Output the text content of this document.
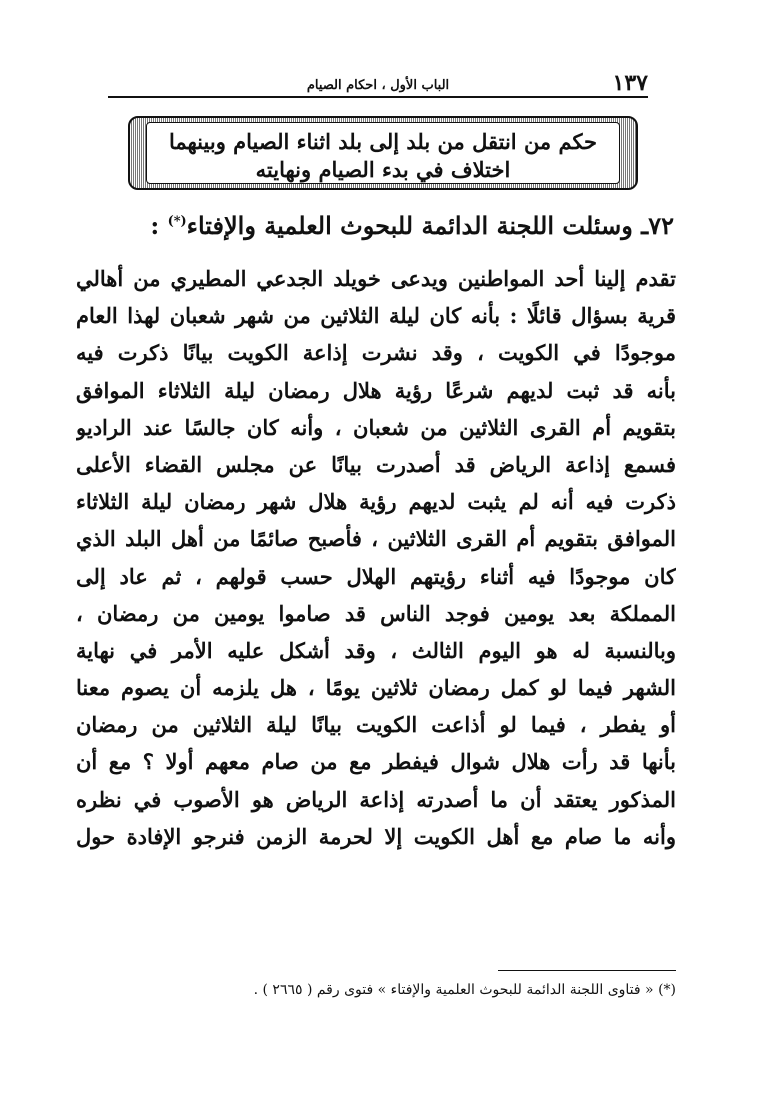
١٣٧
الباب الأول ، احكام الصيام
حكم من انتقل من بلد إلى بلد اثناء الصيام وبينهما
اختلاف في بدء الصيام ونهايته
٧٢ـ وسئلت اللجنة الدائمة للبحوث العلمية والإفتاء(*) :
تقدم إلينا أحد المواطنين ويدعى خويلد الجدعي المطيري من أهالي
قرية بسؤال قائلًا : بأنه كان ليلة الثلاثين من شهر شعبان لهذا العام
موجودًا في الكويت ، وقد نشرت إذاعة الكويت بيانًا ذكرت فيه
بأنه قد ثبت لديهم شرعًا رؤية هلال رمضان ليلة الثلاثاء الموافق
بتقويم أم القرى الثلاثين من شعبان ، وأنه كان جالسًا عند الراديو
فسمع إذاعة الرياض قد أصدرت بيانًا عن مجلس القضاء الأعلى
ذكرت فيه أنه لم يثبت لديهم رؤية هلال شهر رمضان ليلة الثلاثاء
الموافق بتقويم أم القرى الثلاثين ، فأصبح صائمًا من أهل البلد الذي
كان موجودًا فيه أثناء رؤيتهم الهلال حسب قولهم ، ثم عاد إلى
المملكة بعد يومين فوجد الناس قد صاموا يومين من رمضان ،
وبالنسبة له هو اليوم الثالث ، وقد أشكل عليه الأمر في نهاية
الشهر فيما لو كمل رمضان ثلاثين يومًا ، هل يلزمه أن يصوم معنا
أو يفطر ، فيما لو أذاعت الكويت بيانًا ليلة الثلاثين من رمضان
بأنها قد رأت هلال شوال فيفطر مع من صام معهم أولا ؟ مع أن
المذكور يعتقد أن ما أصدرته إذاعة الرياض هو الأصوب في نظره
وأنه ما صام مع أهل الكويت إلا لحرمة الزمن فنرجو الإفادة حول
(*) « فتاوى اللجنة الدائمة للبحوث العلمية والإفتاء » فتوى رقم ( ٢٦٦٥ ) .
